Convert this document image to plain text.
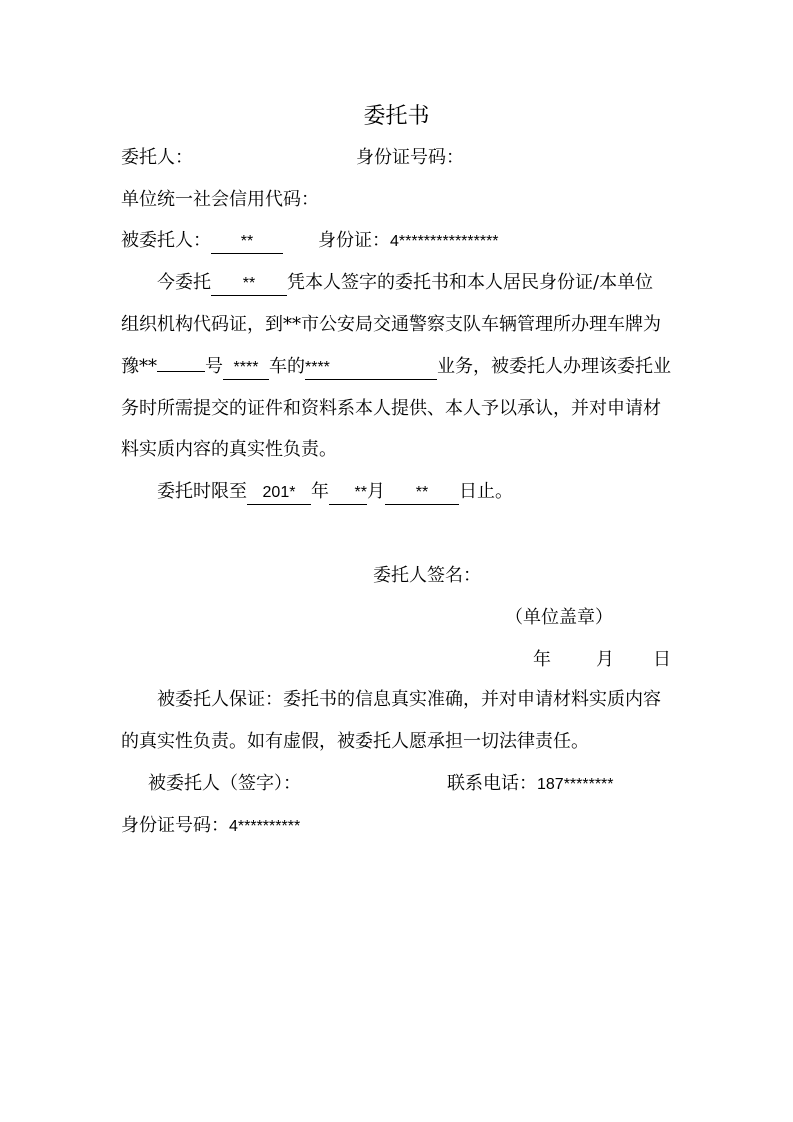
委托书
委托人：	身份证号码：
单位统一社会信用代码：
被委托人： **	身份证：4****************
今委托 ** 凭本人签字的委托书和本人居民身份证/本单位
组织机构代码证，到**市公安局交通警察支队车辆管理所办理车牌为
豫**	号 **** 车的****	业务，被委托人办理该委托业
务时所需提交的证件和资料系本人提供、本人予以承认，并对申请材
料实质内容的真实性负责。
委托时限至 201* 年 **月 ** 日止。
委托人签名：
（单位盖章）
年	月 日
被委托人保证：委托书的信息真实准确，并对申请材料实质内容
的真实性负责。如有虚假，被委托人愿承担一切法律责任。
被委托人（签字）：	联系电话：187********
身份证号码：4**********
